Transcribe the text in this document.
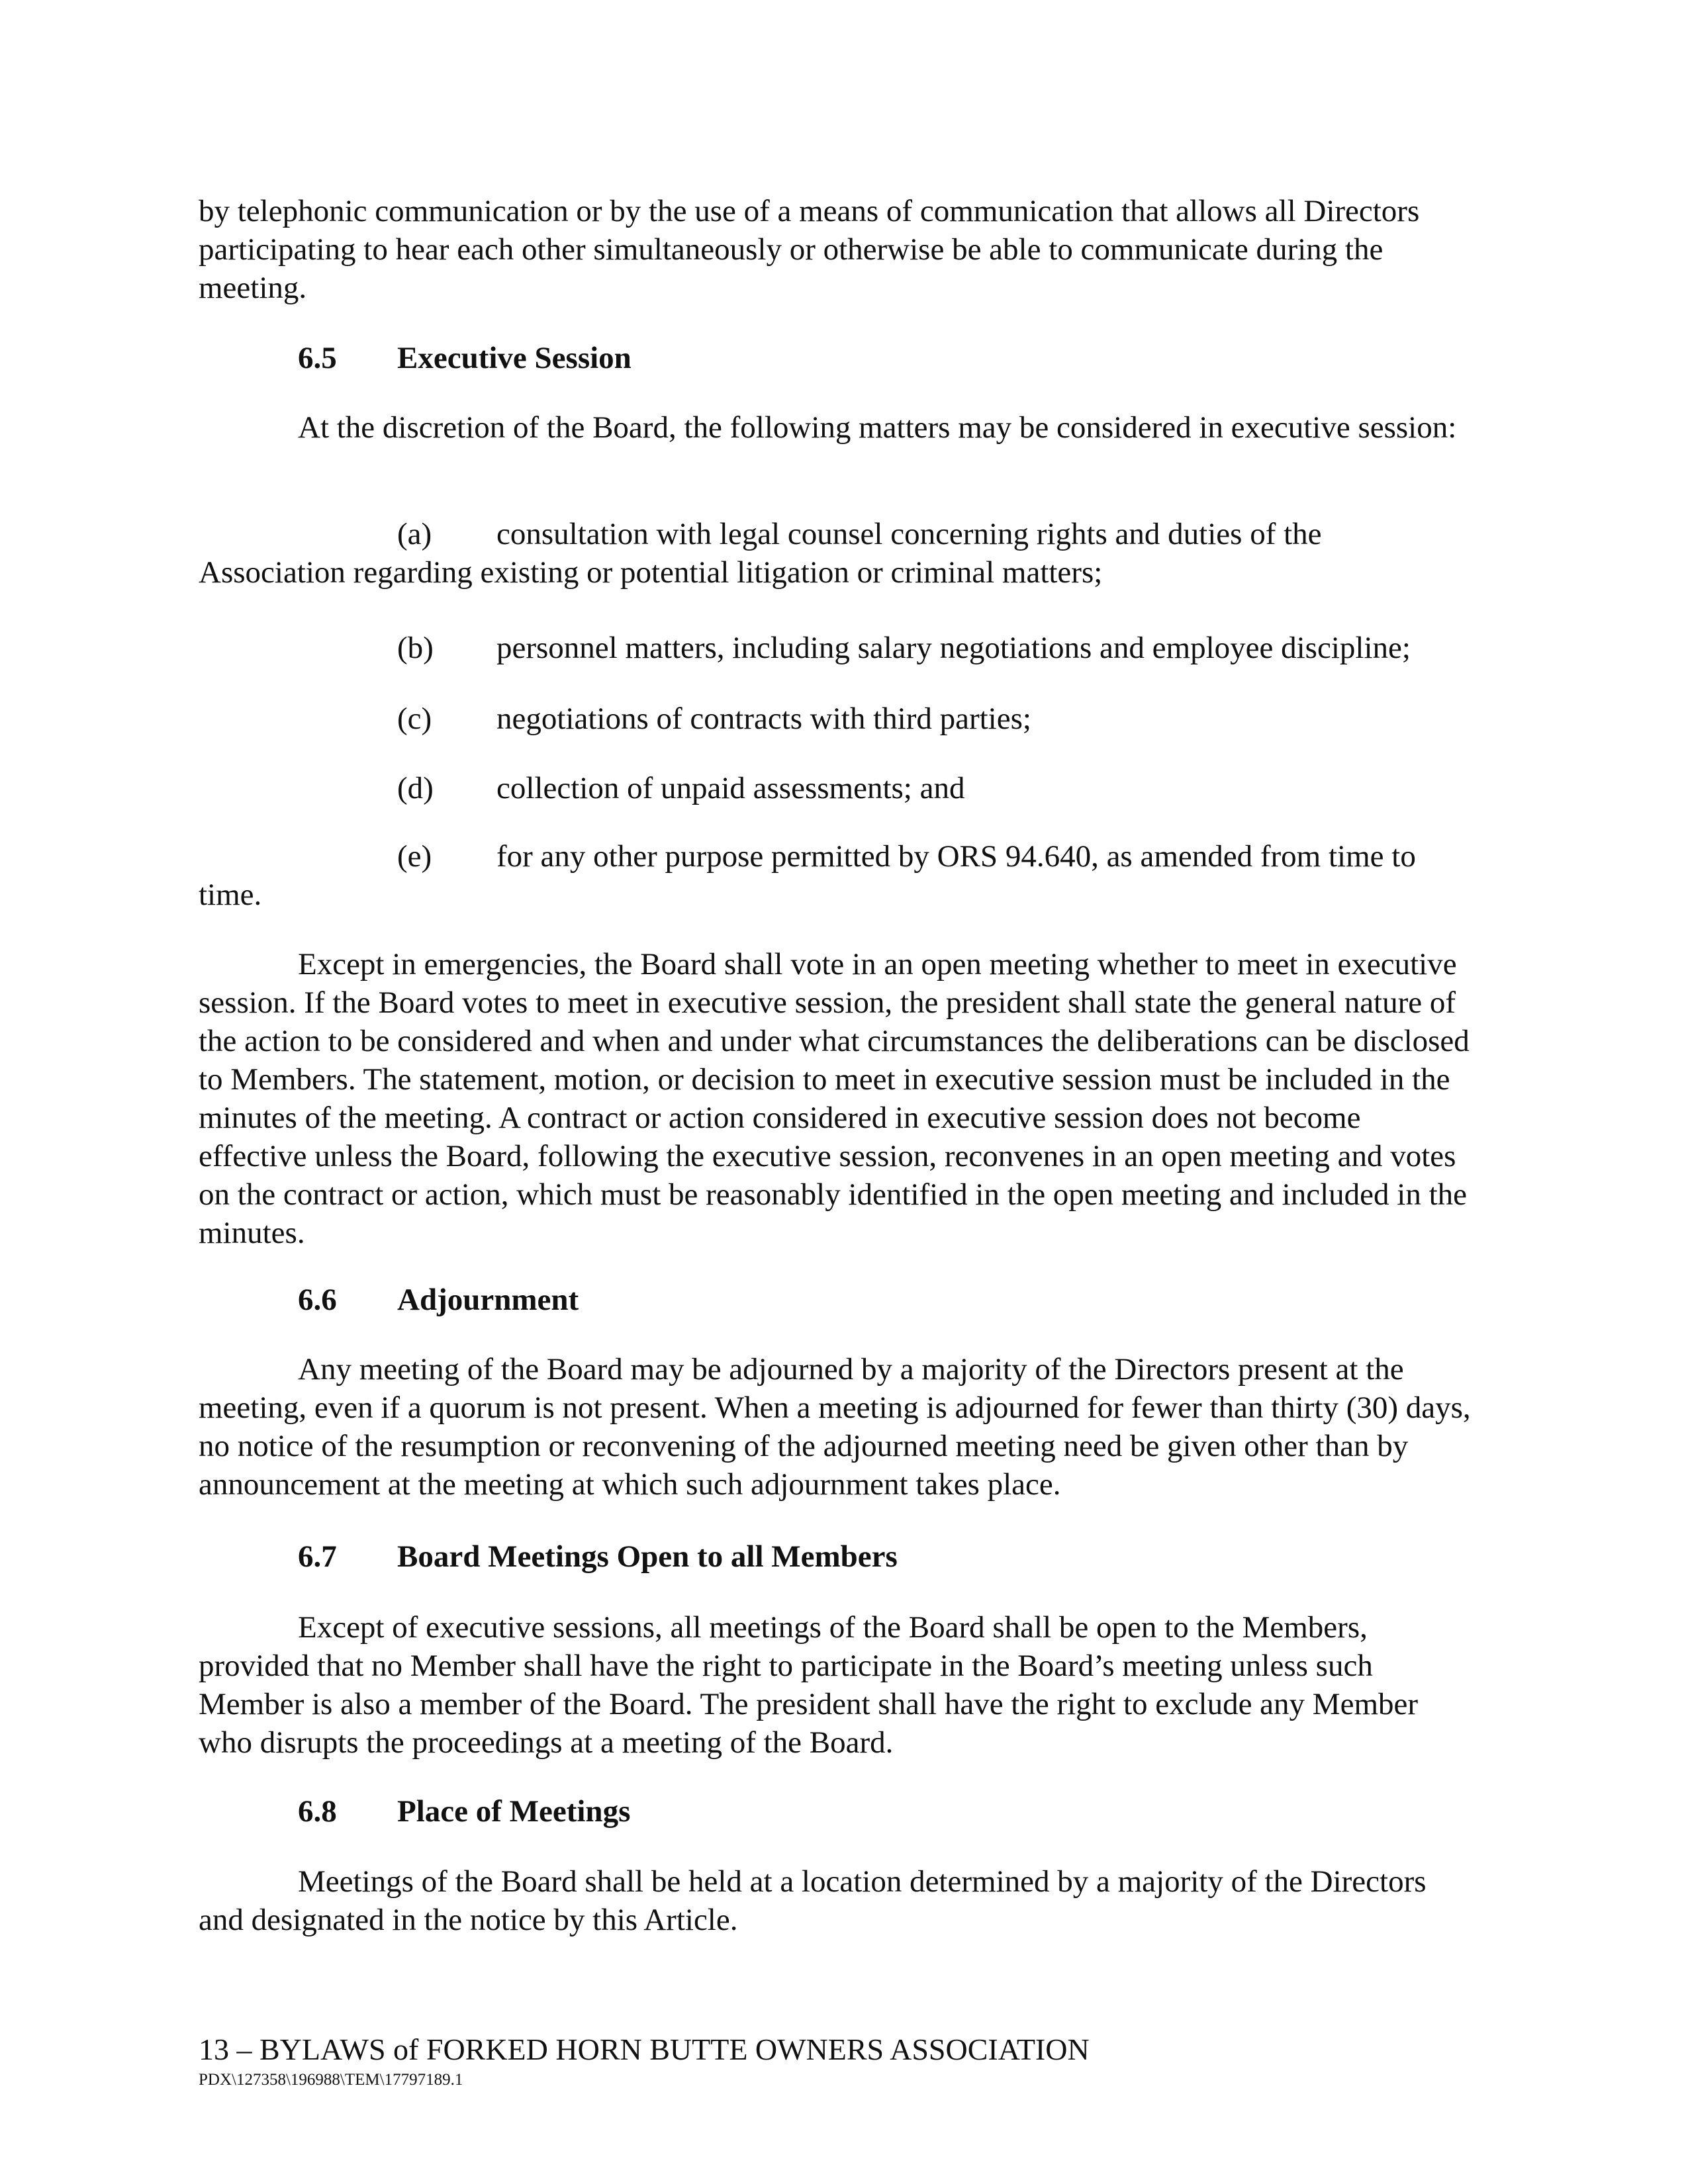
by telephonic communication or by the use of a means of communication that allows all Directors participating to hear each other simultaneously or otherwise be able to communicate during the meeting.

6.5 Executive Session

At the discretion of the Board, the following matters may be considered in executive session:

(a) consultation with legal counsel concerning rights and duties of the
Association regarding existing or potential litigation or criminal matters;
(b) personnel matters, including salary negotiations and employee discipline;
(c) negotiations of contracts with third parties;
(d) collection of unpaid assessments; and
(e) for any other purpose permitted by ORS 94.640, as amended from time to
time.

Except in emergencies, the Board shall vote in an open meeting whether to meet in executive session. If the Board votes to meet in executive session, the president shall state the general nature of the action to be considered and when and under what circumstances the deliberations can be disclosed to Members. The statement, motion, or decision to meet in executive session must be included in the minutes of the meeting. A contract or action considered in executive session does not become effective unless the Board, following the executive session, reconvenes in an open meeting and votes on the contract or action, which must be reasonably identified in the open meeting and included in the minutes.

6.6 Adjournment

Any meeting of the Board may be adjourned by a majority of the Directors present at the meeting, even if a quorum is not present. When a meeting is adjourned for fewer than thirty (30) days, no notice of the resumption or reconvening of the adjourned meeting need be given other than by announcement at the meeting at which such adjournment takes place.

6.7 Board Meetings Open to all Members

Except of executive sessions, all meetings of the Board shall be open to the Members, provided that no Member shall have the right to participate in the Board’s meeting unless such Member is also a member of the Board. The president shall have the right to exclude any Member who disrupts the proceedings at a meeting of the Board.

6.8 Place of Meetings

Meetings of the Board shall be held at a location determined by a majority of the Directors and designated in the notice by this Article.

13 – BYLAWS of FORKED HORN BUTTE OWNERS ASSOCIATION

PDX\127358\196988\TEM\17797189.1
